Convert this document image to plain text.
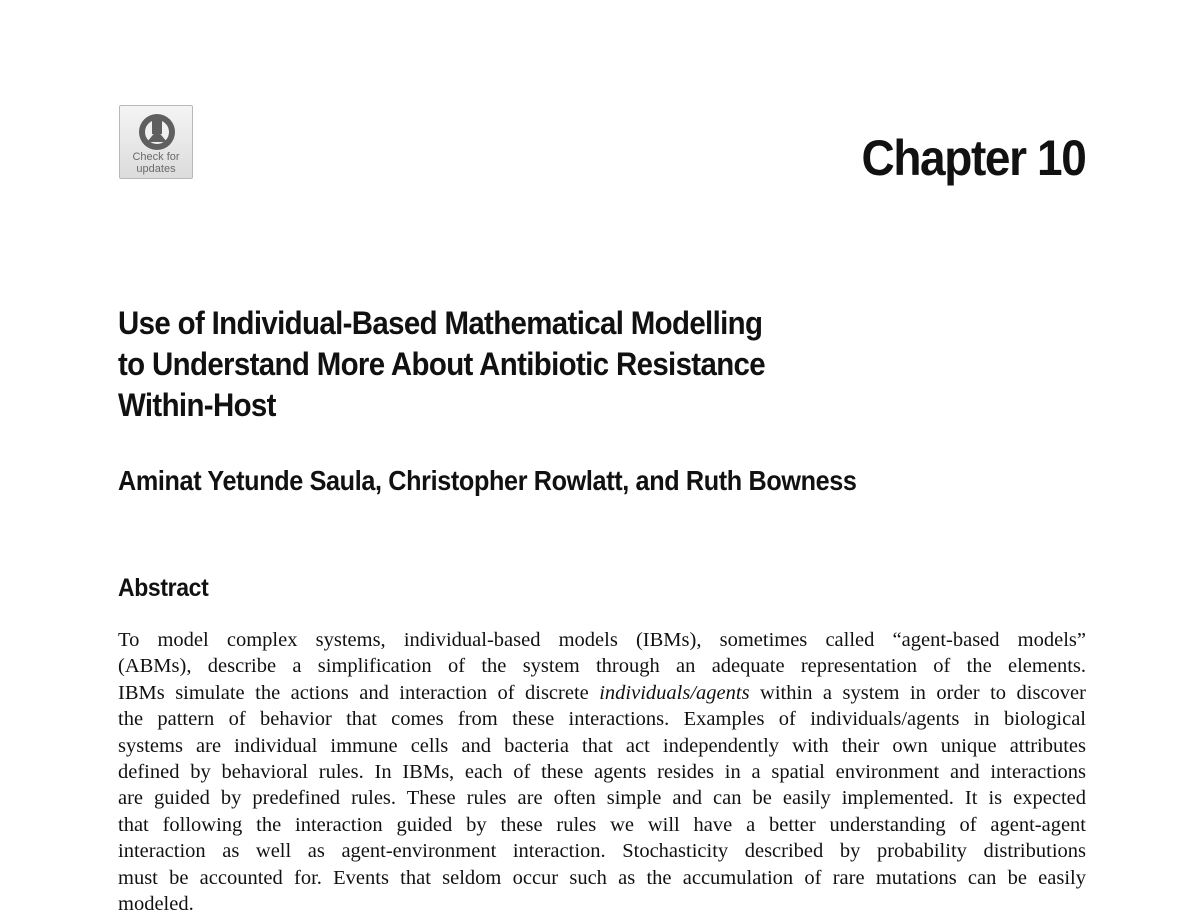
Check for
updates	Chapter 10
Use of Individual-Based Mathematical Modelling
to Understand More About Antibiotic Resistance
Within-Host

Aminat Yetunde Saula, Christopher Rowlatt, and Ruth Bowness

Abstract
To model complex systems, individual-based models (IBMs), sometimes called “agent-based models”
(ABMs), describe a simplification of the system through an adequate representation of the elements.
IBMs simulate the actions and interaction of discrete individuals/agents within a system in order to discover
the pattern of behavior that comes from these interactions. Examples of individuals/agents in biological
systems are individual immune cells and bacteria that act independently with their own unique attributes
defined by behavioral rules. In IBMs, each of these agents resides in a spatial environment and interactions
are guided by predefined rules. These rules are often simple and can be easily implemented. It is expected
that following the interaction guided by these rules we will have a better understanding of agent-agent
interaction as well as agent-environment interaction. Stochasticity described by probability distributions
must be accounted for. Events that seldom occur such as the accumulation of rare mutations can be easily
modeled.
